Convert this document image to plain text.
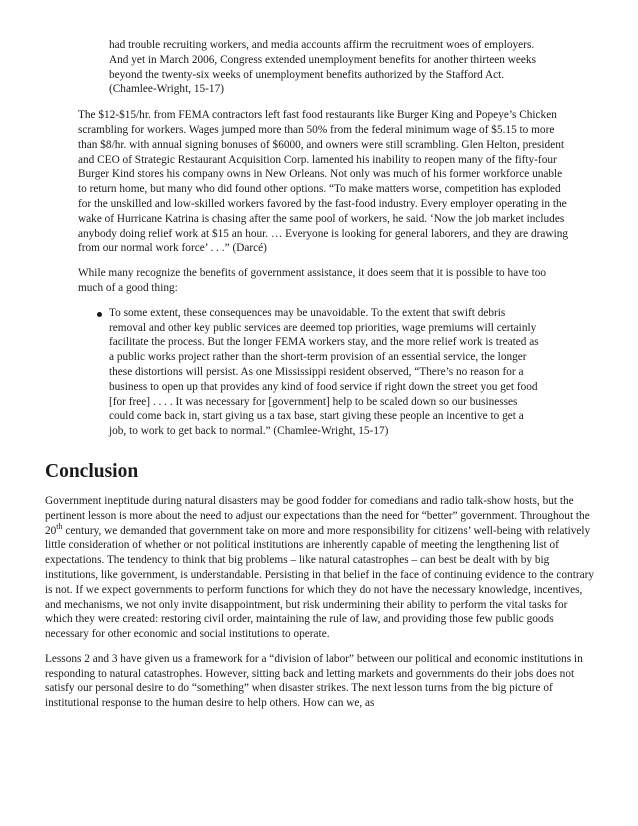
had trouble recruiting workers, and media accounts affirm the recruitment woes of employers. And yet in March 2006, Congress extended unemployment benefits for another thirteen weeks beyond the twenty-six weeks of unemployment benefits authorized by the Stafford Act. (Chamlee-Wright, 15-17)

The $12-$15/hr. from FEMA contractors left fast food restaurants like Burger King and Popeye’s Chicken scrambling for workers. Wages jumped more than 50% from the federal minimum wage of $5.15 to more than $8/hr. with annual signing bonuses of $6000, and owners were still scrambling. Glen Helton, president and CEO of Strategic Restaurant Acquisition Corp. lamented his inability to reopen many of the fifty-four Burger Kind stores his company owns in New Orleans. Not only was much of his former workforce unable to return home, but many who did found other options. “To make matters worse, competition has exploded for the unskilled and low-skilled workers favored by the fast-food industry. Every employer operating in the wake of Hurricane Katrina is chasing after the same pool of workers, he said. ‘Now the job market includes anybody doing relief work at $15 an hour. … Everyone is looking for general laborers, and they are drawing from our normal work force’ . . .” (Darcé)

While many recognize the benefits of government assistance, it does seem that it is possible to have too much of a good thing:

To some extent, these consequences may be unavoidable. To the extent that swift debris removal and other key public services are deemed top priorities, wage premiums will certainly facilitate the process. But the longer FEMA workers stay, and the more relief work is treated as a public works project rather than the short-term provision of an essential service, the longer these distortions will persist. As one Mississippi resident observed, “There’s no reason for a business to open up that provides any kind of food service if right down the street you get food [for free] . . . . It was necessary for [government] help to be scaled down so our businesses could come back in, start giving us a tax base, start giving these people an incentive to get a job, to work to get back to normal.” (Chamlee-Wright, 15-17)
Conclusion

Government ineptitude during natural disasters may be good fodder for comedians and radio talk-show hosts, but the pertinent lesson is more about the need to adjust our expectations than the need for “better” government. Throughout the 20th century, we demanded that government take on more and more responsibility for citizens’ well-being with relatively little consideration of whether or not political institutions are inherently capable of meeting the lengthening list of expectations. The tendency to think that big problems – like natural catastrophes – can best be dealt with by big institutions, like government, is understandable. Persisting in that belief in the face of continuing evidence to the contrary is not. If we expect governments to perform functions for which they do not have the necessary knowledge, incentives, and mechanisms, we not only invite disappointment, but risk undermining their ability to perform the vital tasks for which they were created: restoring civil order, maintaining the rule of law, and providing those few public goods necessary for other economic and social institutions to operate.

Lessons 2 and 3 have given us a framework for a “division of labor” between our political and economic institutions in responding to natural catastrophes. However, sitting back and letting markets and governments do their jobs does not satisfy our personal desire to do “something” when disaster strikes. The next lesson turns from the big picture of institutional response to the human desire to help others. How can we, as
